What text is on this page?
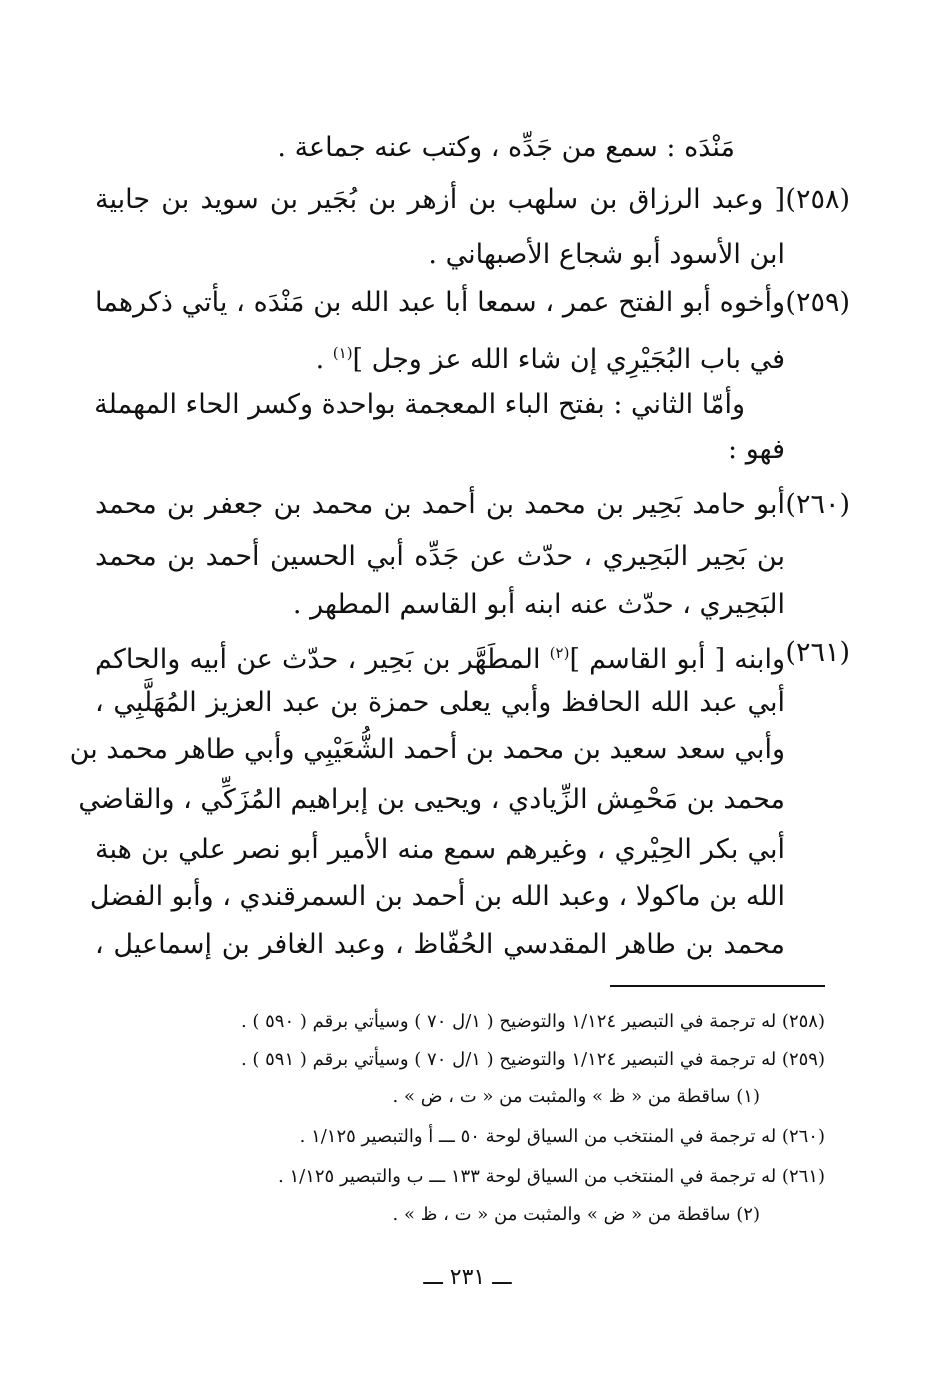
مَنْدَه : سمع من جَدِّه ، وكتب عنه جماعة .
(٢٥٨)
[ وعبد الرزاق بن سلهب بن أزهر بن بُجَير بن سويد بن جابية
ابن الأسود أبو شجاع الأصبهاني .
(٢٥٩)
وأخوه أبو الفتح عمر ، سمعا أبا عبد الله بن مَنْدَه ، يأتي ذكرهما
في باب البُجَيْرِي إن شاء الله عز وجل ]$^{(١)}$ .
وأمّا الثاني : بفتح الباء المعجمة بواحدة وكسر الحاء المهملة
فهو :
(٢٦٠)
أبو حامد بَحِير بن محمد بن أحمد بن محمد بن جعفر بن محمد
بن بَحِير البَحِيري ، حدّث عن جَدِّه أبي الحسين أحمد بن محمد
البَحِيري ، حدّث عنه ابنه أبو القاسم المطهر .
(٢٦١)
وابنه [ أبو القاسم ]$^{(٢)}$ المطَهَّر بن بَحِير ، حدّث عن أبيه والحاكم
أبي عبد الله الحافظ وأبي يعلى حمزة بن عبد العزيز المُهَلَّبِي ،
وأبي سعد سعيد بن محمد بن أحمد الشُّعَيْبِي وأبي طاهر محمد بن
محمد بن مَحْمِش الزِّيادي ، ويحيى بن إبراهيم المُزَكِّي ، والقاضي
أبي بكر الحِيْري ، وغيرهم سمع منه الأمير أبو نصر علي بن هبة
الله بن ماكولا ، وعبد الله بن أحمد بن السمرقندي ، وأبو الفضل
محمد بن طاهر المقدسي الحُفّاظ ، وعبد الغافر بن إسماعيل ،
(٢٥٨) له ترجمة في التبصير ١/١٢٤ والتوضيح ( ١/ل ٧٠ ) وسيأتي برقم ( ٥٩٠ ) .
(٢٥٩) له ترجمة في التبصير ١/١٢٤ والتوضيح ( ١/ل ٧٠ ) وسيأتي برقم ( ٥٩١ ) .
(١) ساقطة من « ظ » والمثبت من « ت ، ض » .
(٢٦٠) له ترجمة في المنتخب من السياق لوحة ٥٠ ـــ أ والتبصير ١/١٢٥ .
(٢٦١) له ترجمة في المنتخب من السياق لوحة ١٣٣ ـــ ب والتبصير ١/١٢٥ .
(٢) ساقطة من « ض » والمثبت من « ت ، ظ » .
ـــ ٢٣١ ـــ
